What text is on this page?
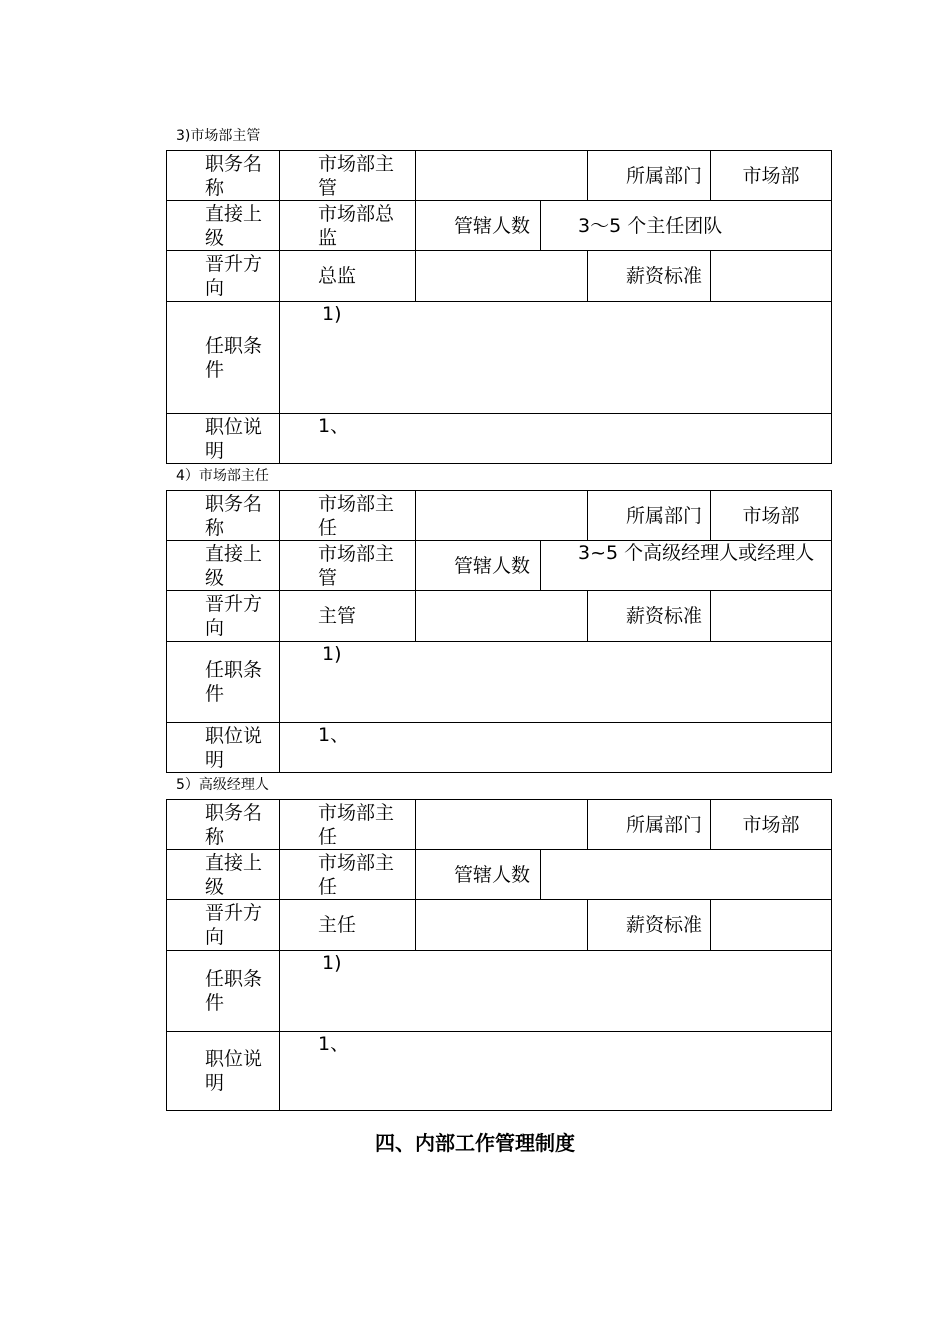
3)市场部主管
职务名称	市场部主管			所属部门	市场部
直接上级	市场部总监	管辖人数	3～5 个主任团队		
晋升方向	总监			薪资标准	
任职条件	1)				

职位说明	1、				
4）市场部主任
职务名称	市场部主任			所属部门	市场部
直接上级	市场部主管	管辖人数	3~5 个高级经理人或经理人		
晋升方向	主管			薪资标准	
任职条件	1)				

职位说明	1、				
5）高级经理人
职务名称	市场部主任			所属部门	市场部
直接上级	市场部主任	管辖人数			
晋升方向	主任			薪资标准	
任职条件	1)				

职位说明	1、				
四、内部工作管理制度
